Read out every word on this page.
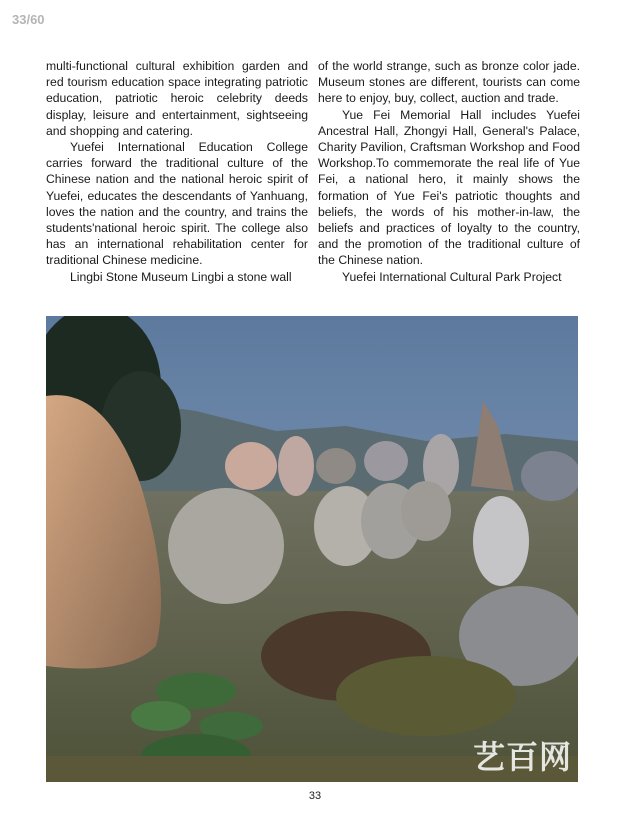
33/60

multi-functional cultural exhibition garden and red tourism education space integrating patriotic education, patriotic heroic celebrity deeds display, leisure and entertainment, sightseeing and shopping and catering.

Yuefei International Education College carries forward the traditional culture of the Chinese nation and the national heroic spirit of Yuefei, educates the descendants of Yanhuang, loves the nation and the country, and trains the students'national heroic spirit. The college also has an international rehabilitation center for traditional Chinese medicine.

Lingbi Stone Museum Lingbi a stone wall

of the world strange, such as bronze color jade. Museum stones are different, tourists can come here to enjoy, buy, collect, auction and trade.

Yue Fei Memorial Hall includes Yuefei Ancestral Hall, Zhongyi Hall, General's Palace, Charity Pavilion, Craftsman Workshop and Food Workshop.To commemorate the real life of Yue Fei, a national hero, it mainly shows the formation of Yue Fei's patriotic thoughts and beliefs, the words of his mother-in-law, the beliefs and practices of loyalty to the country, and the promotion of the traditional culture of the Chinese nation.

Yuefei International Cultural Park Project

艺百网
33
